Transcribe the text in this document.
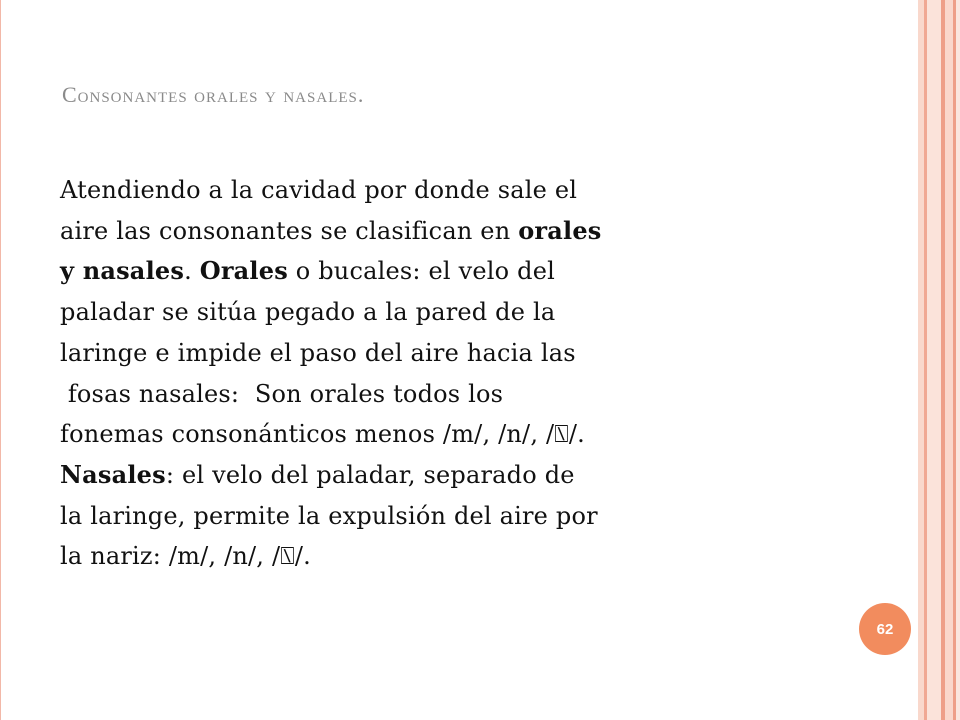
Consonantes orales y nasales.
Atendiendo a la cavidad por donde sale el
aire las consonantes se clasifican en orales
y nasales. Orales o bucales: el velo del
paladar se sitúa pegado a la pared de la
laringe e impide el paso del aire hacia las
fosas nasales:  Son orales todos los
fonemas consonánticos menos /m/, /n/, /⍂/.
Nasales: el velo del paladar, separado de
la laringe, permite la expulsión del aire por
la nariz: /m/, /n/, /⍂/.
62
